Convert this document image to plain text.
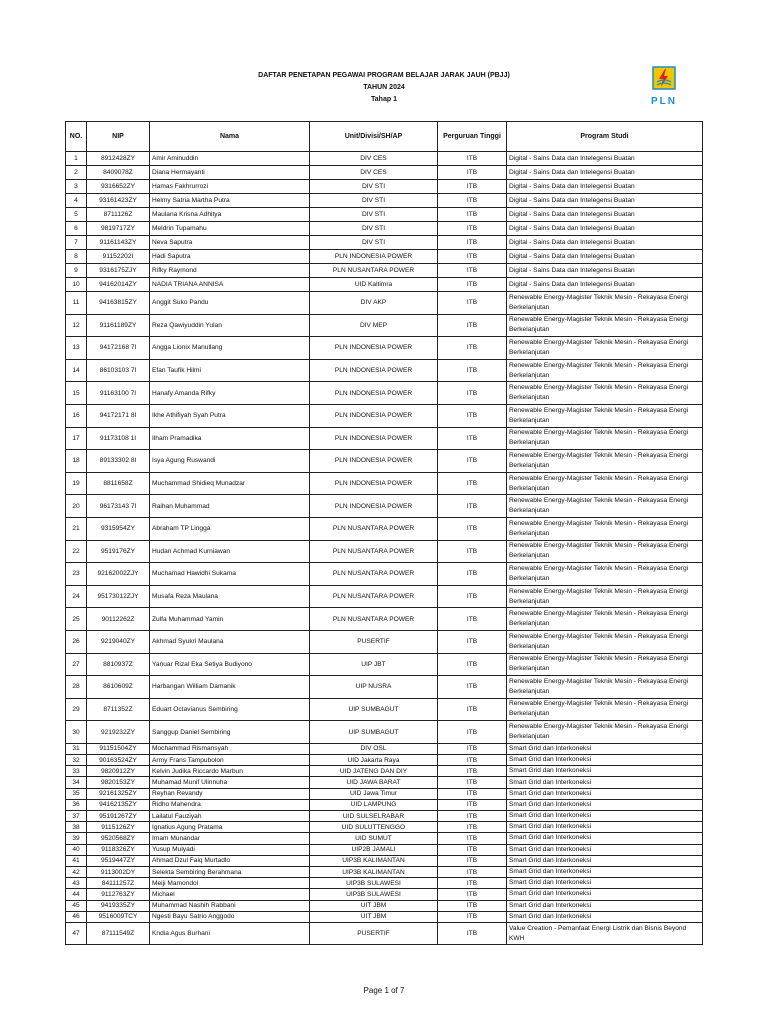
DAFTAR PENETAPAN PEGAWAI PROGRAM BELAJAR JARAK JAUH (PBJJ)
TAHUN 2024
Tahap 1	PLN
NO.	NIP	Nama	Unit/Divisi/SH/AP	Perguruan Tinggi	Program Studi
1	8912428ZY	Amir Aminuddin	DIV CES	ITB	Digital - Sains Data dan Intelegensi Buatan
2	8409078Z	Diana Hermayanti	DIV CES	ITB	Digital - Sains Data dan Intelegensi Buatan
3	9316652ZY	Hamas Fakhrurrozi	DIV STI	ITB	Digital - Sains Data dan Intelegensi Buatan
4	93161423ZY	Helmy Satria Martha Putra	DIV STI	ITB	Digital - Sains Data dan Intelegensi Buatan
5	8711126Z	Maulana Krisna Adhitya	DIV STI	ITB	Digital - Sains Data dan Intelegensi Buatan
6	9819717ZY	Meldrin Tupamahu	DIV STI	ITB	Digital - Sains Data dan Intelegensi Buatan
7	91161143ZY	Neva Saputra	DIV STI	ITB	Digital - Sains Data dan Intelegensi Buatan
8	91152202I	Hadi Saputra	PLN INDONESIA POWER	ITB	Digital - Sains Data dan Intelegensi Buatan
9	9316175ZJY	Rifky Raymond	PLN NUSANTARA POWER	ITB	Digital - Sains Data dan Intelegensi Buatan
10	94162014ZY	NADIA TRIANA ANNISA	UID Kaltimra	ITB	Digital - Sains Data dan Intelegensi Buatan
11	94163815ZY	Anggit Suko Pandu	DIV AKP	ITB	Renewable Energy-Magister Teknik Mesin - Rekayasa Energi Berkelanjutan
12	91161189ZY	Reza Qawiyuddin Yulan	DIV MEP	ITB	Renewable Energy-Magister Teknik Mesin - Rekayasa Energi Berkelanjutan
13	94172168 7I	Angga Lionix Manullang	PLN INDONESIA POWER	ITB	Renewable Energy-Magister Teknik Mesin - Rekayasa Energi Berkelanjutan
14	86103103 7I	Efan Taufik Hilmi	PLN INDONESIA POWER	ITB	Renewable Energy-Magister Teknik Mesin - Rekayasa Energi Berkelanjutan
15	91163100 7I	Hanafy Amanda Rifky	PLN INDONESIA POWER	ITB	Renewable Energy-Magister Teknik Mesin - Rekayasa Energi Berkelanjutan
16	94172171 8I	Ikhe Athifiyah Syah Putra	PLN INDONESIA POWER	ITB	Renewable Energy-Magister Teknik Mesin - Rekayasa Energi Berkelanjutan
17	91173108 1I	Ilham Pramadika	PLN INDONESIA POWER	ITB	Renewable Energy-Magister Teknik Mesin - Rekayasa Energi Berkelanjutan
18	89133302 8I	Isya Agung Ruswandi	PLN INDONESIA POWER	ITB	Renewable Energy-Magister Teknik Mesin - Rekayasa Energi Berkelanjutan
19	8811658Z	Muchammad Shidieq Munadzar	PLN INDONESIA POWER	ITB	Renewable Energy-Magister Teknik Mesin - Rekayasa Energi Berkelanjutan
20	96173143 7I	Raihan Muhammad	PLN INDONESIA POWER	ITB	Renewable Energy-Magister Teknik Mesin - Rekayasa Energi Berkelanjutan
21	9315954ZY	Abraham TP Lingga	PLN NUSANTARA POWER	ITB	Renewable Energy-Magister Teknik Mesin - Rekayasa Energi Berkelanjutan
22	9519176ZY	Hudan Achmad Kurniawan	PLN NUSANTARA POWER	ITB	Renewable Energy-Magister Teknik Mesin - Rekayasa Energi Berkelanjutan
23	92162002ZJY	Muchamad Hawidhi Sukama	PLN NUSANTARA POWER	ITB	Renewable Energy-Magister Teknik Mesin - Rekayasa Energi Berkelanjutan
24	95173012ZJY	Musafa Reza Maulana	PLN NUSANTARA POWER	ITB	Renewable Energy-Magister Teknik Mesin - Rekayasa Energi Berkelanjutan
25	90112262Z	Zulfa Muhammad Yamin	PLN NUSANTARA POWER	ITB	Renewable Energy-Magister Teknik Mesin - Rekayasa Energi Berkelanjutan
26	9219040ZY	Akhmad Syukri Maulana	PUSERTIF	ITB	Renewable Energy-Magister Teknik Mesin - Rekayasa Energi Berkelanjutan
27	8810937Z	Yanuar Rizal Eka Setiya Budiyono	UIP JBT	ITB	Renewable Energy-Magister Teknik Mesin - Rekayasa Energi Berkelanjutan
28	8610609Z	Harbangan William Damanik	UIP NUSRA	ITB	Renewable Energy-Magister Teknik Mesin - Rekayasa Energi Berkelanjutan
29	8711352Z	Eduart Octavianus Sembiring	UIP SUMBAGUT	ITB	Renewable Energy-Magister Teknik Mesin - Rekayasa Energi Berkelanjutan
30	9219232ZY	Sanggup Daniel Sembiring	UIP SUMBAGUT	ITB	Renewable Energy-Magister Teknik Mesin - Rekayasa Energi Berkelanjutan
31	91151504ZY	Mochammad Rismansyah	DIV OSL	ITB	Smart Grid dan Interkoneksi
32	90163524ZY	Army Frans Tampubolon	UID Jakarta Raya	ITB	Smart Grid dan Interkoneksi
33	9820912ZY	Kelvin Judika Riccardo Marbun	UID JATENG DAN DIY	ITB	Smart Grid dan Interkoneksi
34	9820153ZY	Muhamad Munif Ulinnuha	UID JAWA BARAT	ITB	Smart Grid dan Interkoneksi
35	92161325ZY	Reyhan Revandy	UID Jawa Timur	ITB	Smart Grid dan Interkoneksi
36	94162135ZY	Ridho Mahendra	UID LAMPUNG	ITB	Smart Grid dan Interkoneksi
37	95191267ZY	Lailatul Fauziyah	UID SULSELRABAR	ITB	Smart Grid dan Interkoneksi
38	9115126ZY	Ignatius Agung Pratama	UID SULUTTENGGO	ITB	Smart Grid dan Interkoneksi
39	9520568ZY	Imam Munandar	UID SUMUT	ITB	Smart Grid dan Interkoneksi
40	9118326ZY	Yusup Mulyadi	UIP2B JAMALI	ITB	Smart Grid dan Interkoneksi
41	9519447ZY	Ahmad Dzul Faiq Murtadlo	UIP3B KALIMANTAN	ITB	Smart Grid dan Interkoneksi
42	9113002DY	Selekta Sembiring Berahmana	UIP3B KALIMANTAN	ITB	Smart Grid dan Interkoneksi
43	84111257Z	Meiji Mamondol	UIP3B SULAWESI	ITB	Smart Grid dan Interkoneksi
44	9112763ZY	Michael	UIP3B SULAWESI	ITB	Smart Grid dan Interkoneksi
45	9419335ZY	Muhammad Nashih Rabbani	UIT JBM	ITB	Smart Grid dan Interkoneksi
46	9516009TCY	Ngesti Bayu Satrio Anggodo	UIT JBM	ITB	Smart Grid dan Interkoneksi
47	87111549Z	Kndia Agus Burhani	PUSERTIF	ITB	Value Creation - Pemanfaat Energi Listrik dan Bisnis Beyond KWH
Page 1 of 7
